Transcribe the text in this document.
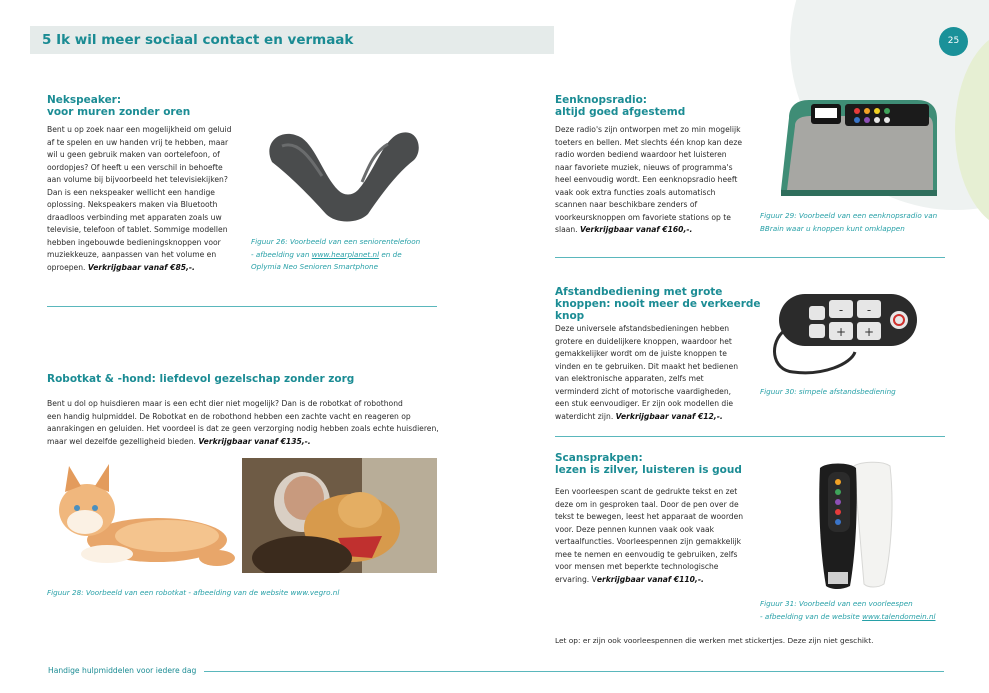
5 Ik wil meer sociaal contact en vermaak	25
Nekspeaker:
voor muren zonder oren
Bent u op zoek naar een mogelijkheid om geluid
af te spelen en uw handen vrij te hebben, maar
wil u geen gebruik maken van oortelefoon, of
oordopjes? Of heeft u een verschil in behoefte
aan volume bij bijvoorbeeld het televisiekijken?
Dan is een nekspeaker wellicht een handige
oplossing. Nekspeakers maken via Bluetooth
draadloos verbinding met apparaten zoals uw
televisie, telefoon of tablet. Sommige modellen
hebben ingebouwde bedieningsknoppen voor
muziekkeuze, aanpassen van het volume en
oproepen. Verkrijgbaar vanaf €85,-.
Figuur 26: Voorbeeld van een seniorentelefoon
- afbeelding van www.hearplanet.nl en de
Oplymia Neo Senioren Smartphone
Robotkat & -hond: liefdevol gezelschap zonder zorg
Bent u dol op huisdieren maar is een echt dier niet mogelijk? Dan is de robotkat of robothond
een handig hulpmiddel. De Robotkat en de robothond hebben een zachte vacht en reageren op
aanrakingen en geluiden. Het voordeel is dat ze geen verzorging nodig hebben zoals echte huisdieren,
maar wel dezelfde gezelligheid bieden. Verkrijgbaar vanaf €135,-.
Figuur 28: Voorbeeld van een robotkat - afbeelding van de website www.vegro.nl
Handige hulpmiddelen voor iedere dag
Eenknopsradio:
altijd goed afgestemd
Deze radio's zijn ontworpen met zo min mogelijk
toeters en bellen. Met slechts één knop kan deze
radio worden bediend waardoor het luisteren
naar favoriete muziek, nieuws of programma's
heel eenvoudig wordt. Een eenknopsradio heeft
vaak ook extra functies zoals automatisch
scannen naar beschikbare zenders of
voorkeursknoppen om favoriete stations op te
slaan. Verkrijgbaar vanaf €160,-.
Figuur 29: Voorbeeld van een eenknopsradio van
BBrain waar u knoppen kunt omklappen
Afstandbediening met grote
knoppen: nooit meer de verkeerde
knop
Deze universele afstandsbedieningen hebben
grotere en duidelijkere knoppen, waardoor het
gemakkelijker wordt om de juiste knoppen te
vinden en te gebruiken. Dit maakt het bedienen
van elektronische apparaten, zelfs met
verminderd zicht of motorische vaardigheden,
een stuk eenvoudiger. Er zijn ook modellen die
waterdicht zijn. Verkrijgbaar vanaf €12,-.
-
+ +
-
Figuur 30: simpele afstandsbediening
Scansprakpen:
lezen is zilver, luisteren is goud
Een voorleespen scant de gedrukte tekst en zet
deze om in gesproken taal. Door de pen over de
tekst te bewegen, leest het apparaat de woorden
voor. Deze pennen kunnen vaak ook vaak
vertaalfuncties. Voorleespennen zijn gemakkelijk
mee te nemen en eenvoudig te gebruiken, zelfs
voor mensen met beperkte technologische
ervaring. Verkrijgbaar vanaf €110,-.
Figuur 31: Voorbeeld van een voorleespen
- afbeelding van de website www.talendomein.nl
Let op: er zijn ook voorleespennen die werken met stickertjes. Deze zijn niet geschikt.
